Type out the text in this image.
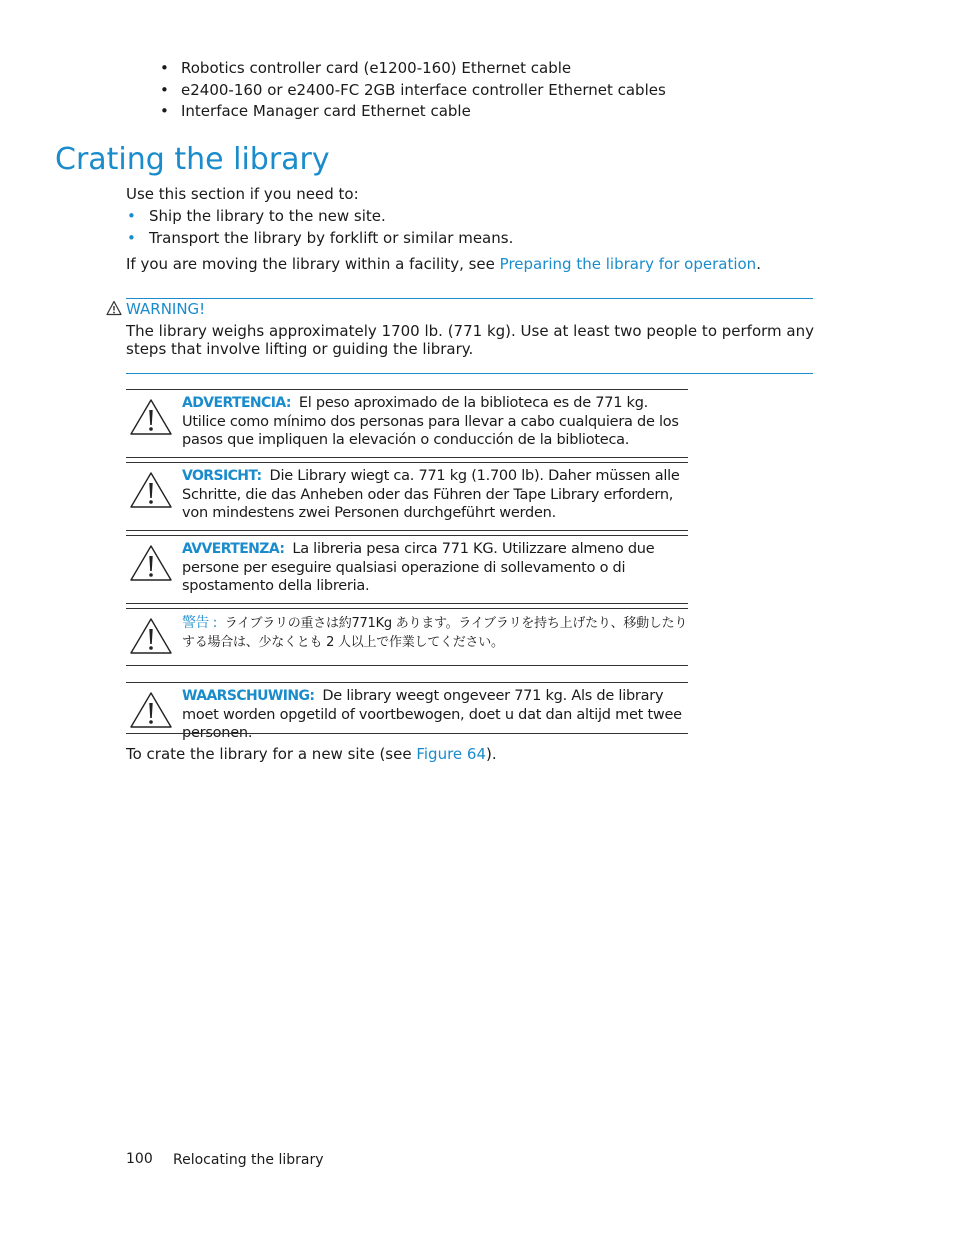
• Robotics controller card (e1200-160) Ethernet cable
• e2400-160 or e2400-FC 2GB interface controller Ethernet cables
• Interface Manager card Ethernet cable
Crating the library
Use this section if you need to:
• Ship the library to the new site.
• Transport the library by forklift or similar means.
If you are moving the library within a facility, see Preparing the library for operation.
WARNING!
The library weighs approximately 1700 lb. (771 kg). Use at least two people to perform any steps that involve lifting or guiding the library.
ADVERTENCIA: El peso aproximado de la biblioteca es de 771 kg. Utilice como mínimo dos personas para llevar a cabo cualquiera de los pasos que impliquen la elevación o conducción de la biblioteca.
VORSICHT: Die Library wiegt ca. 771 kg (1.700 lb). Daher müssen alle Schritte, die das Anheben oder das Führen der Tape Library erfordern, von mindestens zwei Personen durchgeführt werden.
AVVERTENZA: La libreria pesa circa 771 KG. Utilizzare almeno due persone per eseguire qualsiasi operazione di sollevamento o di spostamento della libreria.
警告 : ライブラリの重さは約771Kg あります。ライブラリを持ち上げたり、移動したりする場合は、少なくとも 2 人以上で作業してください。
WAARSCHUWING: De library weegt ongeveer 771 kg. Als de library moet worden opgetild of voortbewogen, doet u dat dan altijd met twee personen.
To crate the library for a new site (see Figure 64).
100 Relocating the library
